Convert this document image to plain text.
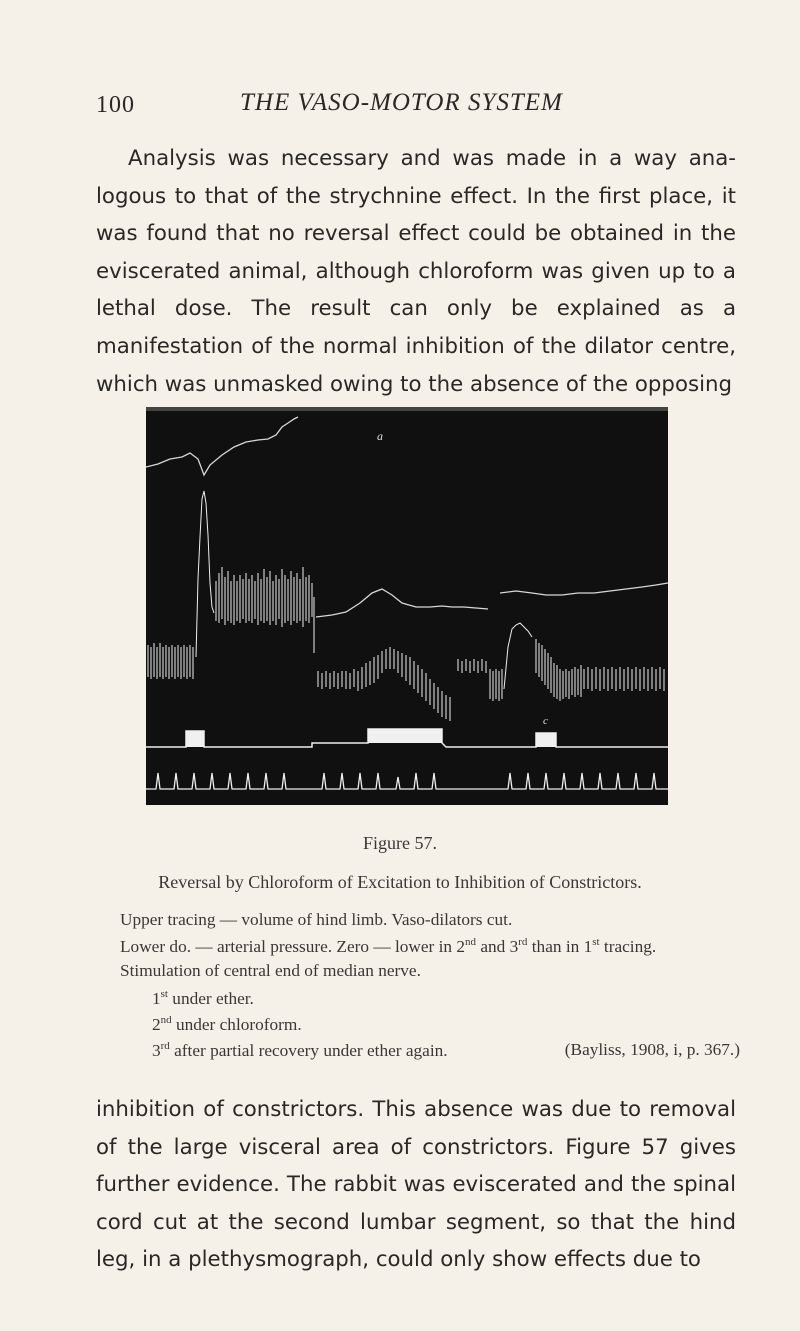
100	THE VASO-MOTOR SYSTEM

Analysis was necessary and was made in a way ana-logous to that of the strychnine effect. In the first place, it was found that no reversal effect could be obtained in the eviscerated animal, although chloroform was given up to a lethal dose. The result can only be explained as a manifestation of the normal inhibition of the dilator centre, which was unmasked owing to the absence of the opposing

a
c
Figure 57.
Reversal by Chloroform of Excitation to Inhibition of Constrictors.
Upper tracing — volume of hind limb. Vaso-dilators cut.
Lower do. — arterial pressure. Zero — lower in 2nd and 3rd than in 1st tracing.
Stimulation of central end of median nerve.
1st under ether.
2nd under chloroform.
3rd after partial recovery under ether again.	(Bayliss, 1908, i, p. 367.)

inhibition of constrictors. This absence was due to removal of the large visceral area of constrictors. Figure 57 gives further evidence. The rabbit was eviscerated and the spinal cord cut at the second lumbar segment, so that the hind leg, in a plethysmograph, could only show effects due to
